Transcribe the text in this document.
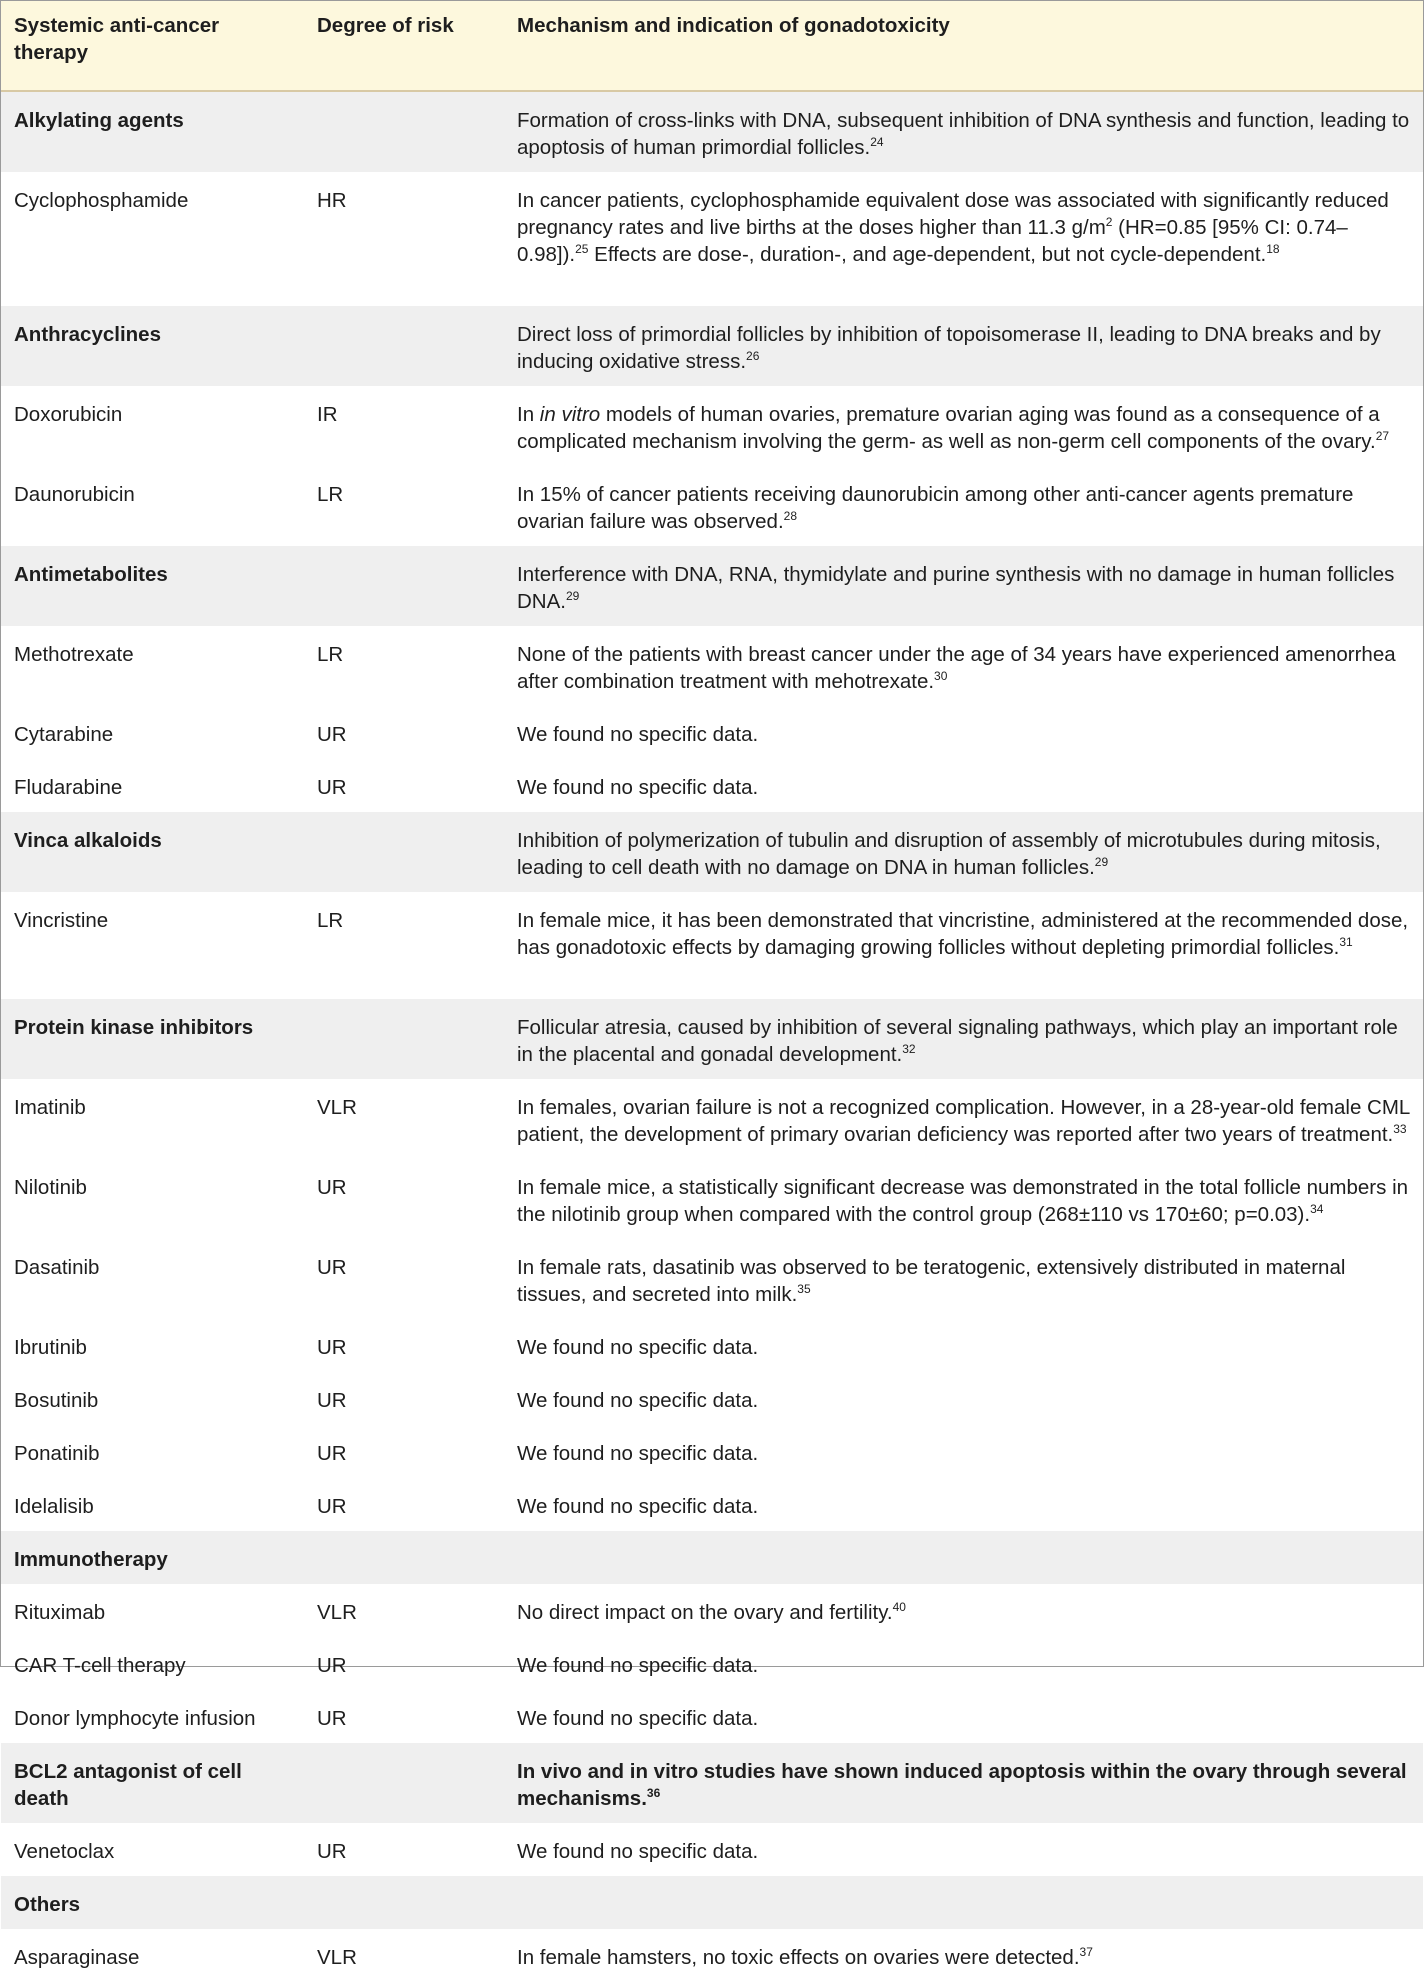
Systemic anti-cancer therapy	Degree of risk	Mechanism and indication of gonadotoxicity
Alkylating agents		Formation of cross-links with DNA, subsequent inhibition of DNA synthesis and function, leading to apoptosis of human primordial follicles.$^{24}$
Cyclophosphamide	HR	In cancer patients, cyclophosphamide equivalent dose was associated with significantly reduced pregnancy rates and live births at the doses higher than 11.3 $g/m^2$ (HR=0.85 [95% CI: 0.74–0.98]).$^{25}$ Effects are dose-, duration-, and age-dependent, but not cycle-dependent.$^{18}$
Anthracyclines		Direct loss of primordial follicles by inhibition of topoisomerase II, leading to DNA breaks and by inducing oxidative stress.$^{26}$
Doxorubicin	IR	In in vitro models of human ovaries, premature ovarian aging was found as a consequence of a complicated mechanism involving the germ- as well as non-germ cell components of the ovary.$^{27}$
Daunorubicin	LR	In 15% of cancer patients receiving daunorubicin among other anti-cancer agents premature ovarian failure was observed.$^{28}$
Antimetabolites		Interference with DNA, RNA, thymidylate and purine synthesis with no damage in human follicles DNA.$^{29}$
Methotrexate	LR	None of the patients with breast cancer under the age of 34 years have experienced amenorrhea after combination treatment with mehotrexate.$^{30}$
Cytarabine	UR	We found no specific data.
Fludarabine	UR	We found no specific data.
Vinca alkaloids		Inhibition of polymerization of tubulin and disruption of assembly of microtubules during mitosis, leading to cell death with no damage on DNA in human follicles.$^{29}$
Vincristine	LR	In female mice, it has been demonstrated that vincristine, administered at the recommended dose, has gonadotoxic effects by damaging growing follicles without depleting primordial follicles.$^{31}$
Protein kinase inhibitors		Follicular atresia, caused by inhibition of several signaling pathways, which play an important role in the placental and gonadal development.$^{32}$
Imatinib	VLR	In females, ovarian failure is not a recognized complication. However, in a 28-year-old female CML patient, the development of primary ovarian deficiency was reported after two years of treatment.$^{33}$
Nilotinib	UR	In female mice, a statistically significant decrease was demonstrated in the total follicle numbers in the nilotinib group when compared with the control group (268±110 vs 170±60; p=0.03).$^{34}$
Dasatinib	UR	In female rats, dasatinib was observed to be teratogenic, extensively distributed in maternal tissues, and secreted into milk.$^{35}$
Ibrutinib	UR	We found no specific data.
Bosutinib	UR	We found no specific data.
Ponatinib	UR	We found no specific data.
Idelalisib	UR	We found no specific data.
Immunotherapy		
Rituximab	VLR	No direct impact on the ovary and fertility.$^{40}$
CAR T-cell therapy	UR	We found no specific data.
Donor lymphocyte infusion	UR	We found no specific data.
BCL2 antagonist of cell death		In vivo and in vitro studies have shown induced apoptosis within the ovary through several mechanisms.$^{36}$
Venetoclax	UR	We found no specific data.
Others		
Asparaginase	VLR	In female hamsters, no toxic effects on ovaries were detected.$^{37}$
